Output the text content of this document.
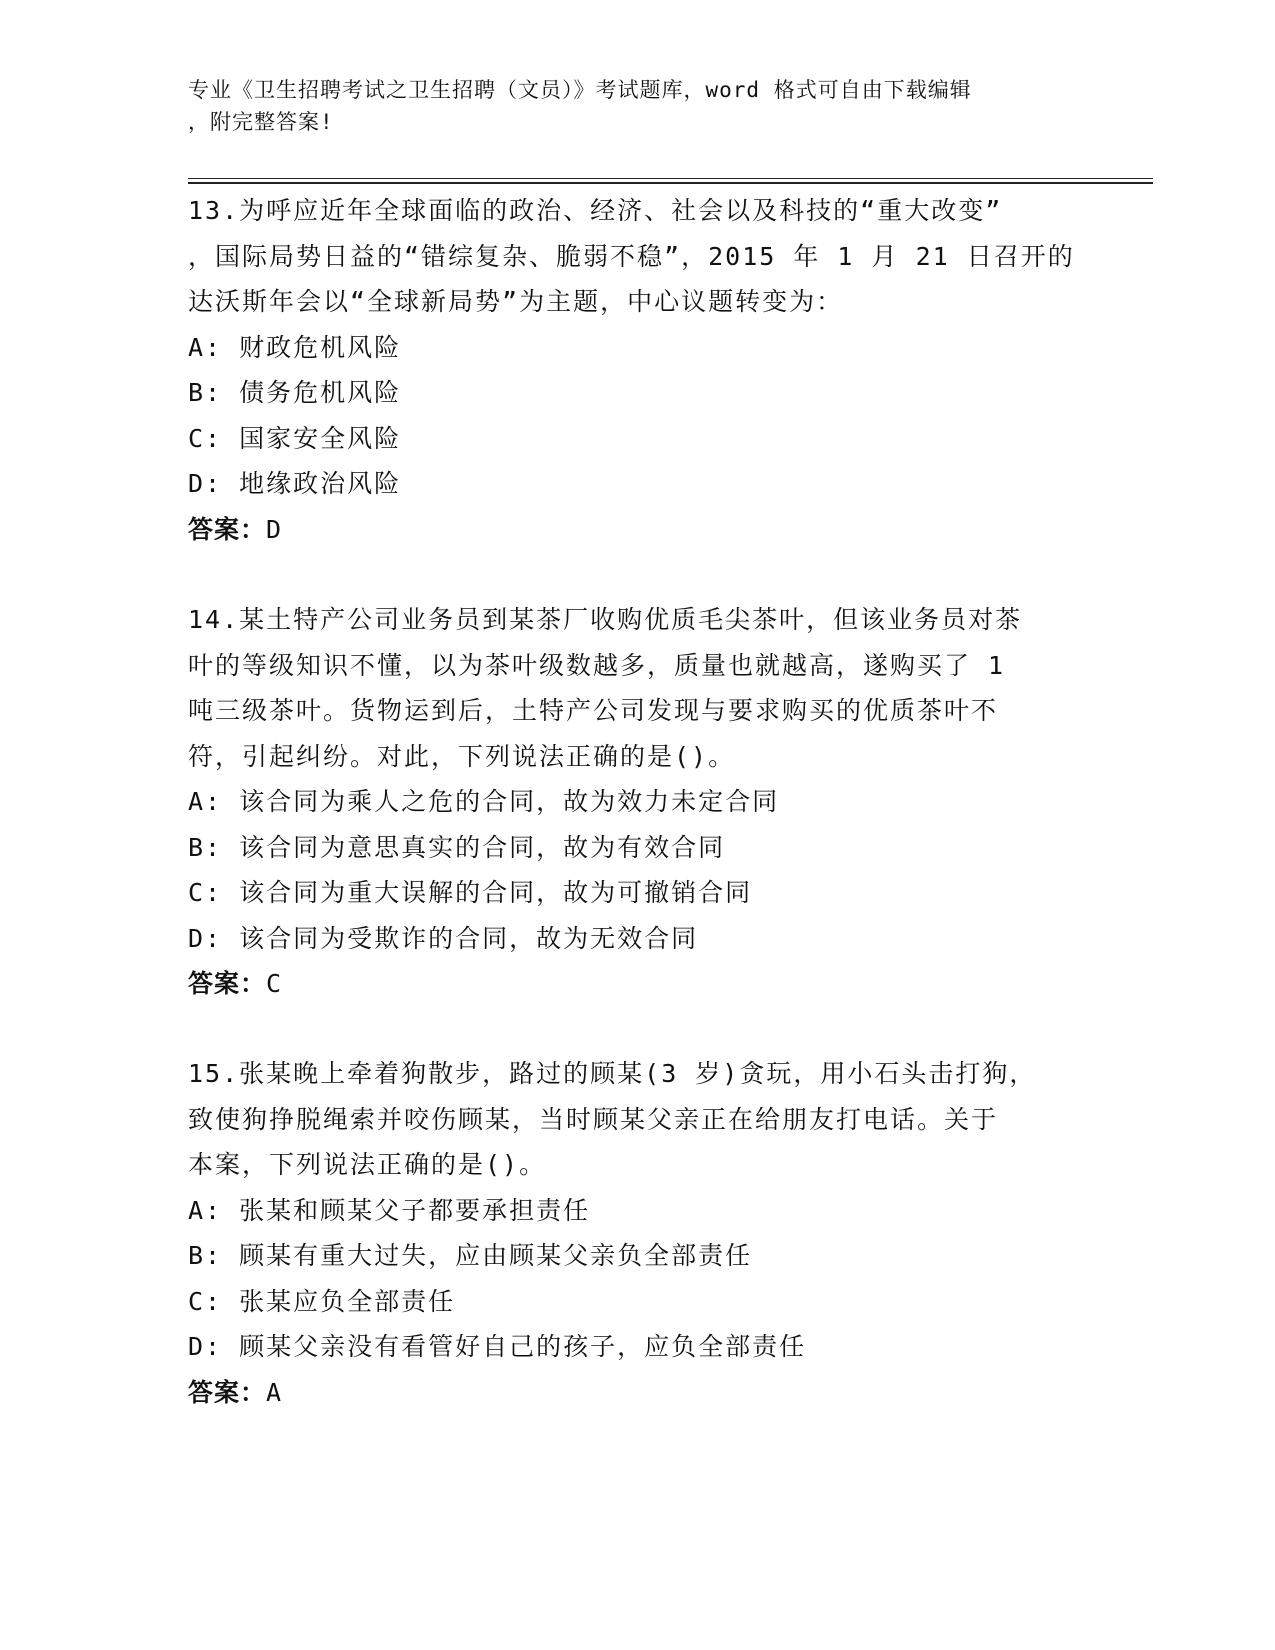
专业《卫生招聘考试之卫生招聘（文员）》考试题库，word 格式可自由下载编辑
，附完整答案!
13.为呼应近年全球面临的政治、经济、社会以及科技的“重大改变”
，国际局势日益的“错综复杂、脆弱不稳”，2015 年 1 月 21 日召开的
达沃斯年会以“全球新局势”为主题，中心议题转变为：
A: 财政危机风险
B: 债务危机风险
C: 国家安全风险
D: 地缘政治风险
答案：D
14.某土特产公司业务员到某茶厂收购优质毛尖茶叶，但该业务员对茶
叶的等级知识不懂，以为茶叶级数越多，质量也就越高，遂购买了 1
吨三级茶叶。货物运到后，土特产公司发现与要求购买的优质茶叶不
符，引起纠纷。对此，下列说法正确的是()。
A: 该合同为乘人之危的合同，故为效力未定合同
B: 该合同为意思真实的合同，故为有效合同
C: 该合同为重大误解的合同，故为可撤销合同
D: 该合同为受欺诈的合同，故为无效合同
答案：C
15.张某晚上牵着狗散步，路过的顾某(3 岁)贪玩，用小石头击打狗，
致使狗挣脱绳索并咬伤顾某，当时顾某父亲正在给朋友打电话。关于
本案，下列说法正确的是()。
A: 张某和顾某父子都要承担责任
B: 顾某有重大过失，应由顾某父亲负全部责任
C: 张某应负全部责任
D: 顾某父亲没有看管好自己的孩子，应负全部责任
答案：A
